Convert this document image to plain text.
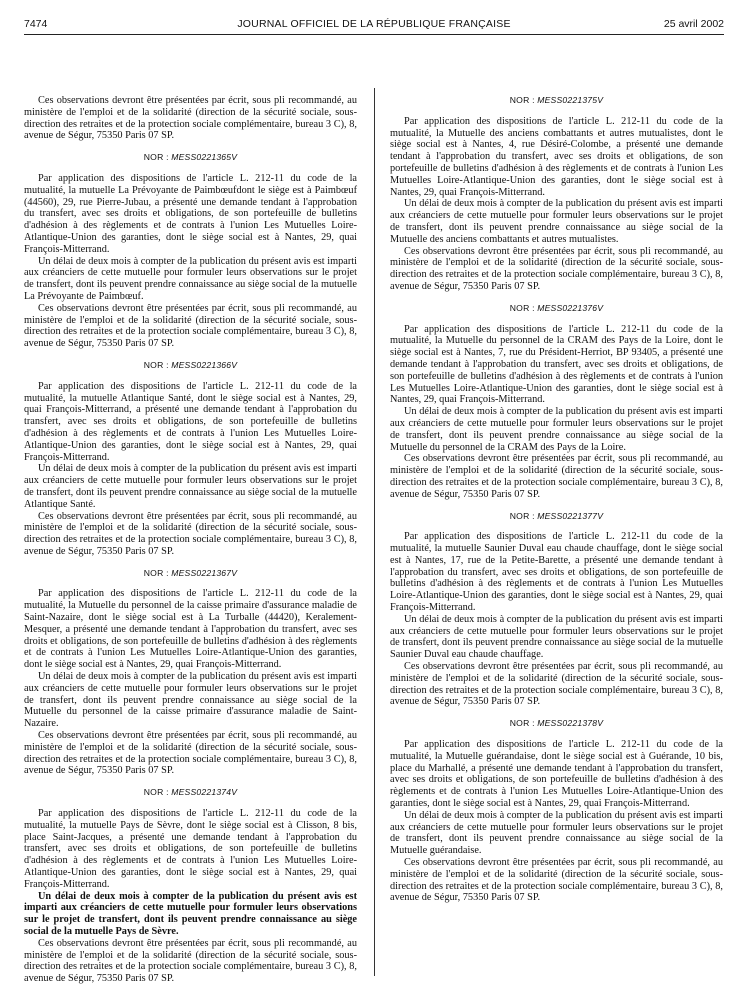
7474	JOURNAL OFFICIEL DE LA RÉPUBLIQUE FRANÇAISE	25 avril 2002

Ces observations devront être présentées par écrit, sous pli recommandé, au ministère de l'emploi et de la solidarité (direction de la sécurité sociale, sous-direction des retraites et de la protection sociale complémentaire, bureau 3 C), 8, avenue de Ségur, 75350 Paris 07 SP.

NOR : MESS0221365V

Par application des dispositions de l'article L. 212-11 du code de la mutualité, la mutuelle La Prévoyante de Paimbœufdont le siège est à Paimbœuf (44560), 29, rue Pierre-Jubau, a présenté une demande tendant à l'approbation du transfert, avec ses droits et obligations, de son portefeuille de bulletins d'adhésion à des règlements et de contrats à l'union Les Mutuelles Loire-Atlantique-Union des garanties, dont le siège social est à Nantes, 29, quai François-Mitterrand.

Un délai de deux mois à compter de la publication du présent avis est imparti aux créanciers de cette mutuelle pour formuler leurs observations sur le projet de transfert, dont ils peuvent prendre connaissance au siège social de la mutuelle La Prévoyante de Paimbœuf.

Ces observations devront être présentées par écrit, sous pli recommandé, au ministère de l'emploi et de la solidarité (direction de la sécurité sociale, sous-direction des retraites et de la protection sociale complémentaire, bureau 3 C), 8, avenue de Ségur, 75350 Paris 07 SP.

NOR : MESS0221366V

Par application des dispositions de l'article L. 212-11 du code de la mutualité, la mutuelle Atlantique Santé, dont le siège social est à Nantes, 29, quai François-Mitterrand, a présenté une demande tendant à l'approbation du transfert, avec ses droits et obligations, de son portefeuille de bulletins d'adhésion à des règlements et de contrats à l'union Les Mutuelles Loire-Atlantique-Union des garanties, dont le siège social est à Nantes, 29, quai François-Mitterrand.

Un délai de deux mois à compter de la publication du présent avis est imparti aux créanciers de cette mutuelle pour formuler leurs observations sur le projet de transfert, dont ils peuvent prendre connaissance au siège social de la mutuelle Atlantique Santé.

Ces observations devront être présentées par écrit, sous pli recommandé, au ministère de l'emploi et de la solidarité (direction de la sécurité sociale, sous-direction des retraites et de la protection sociale complémentaire, bureau 3 C), 8, avenue de Ségur, 75350 Paris 07 SP.

NOR : MESS0221367V

Par application des dispositions de l'article L. 212-11 du code de la mutualité, la Mutuelle du personnel de la caisse primaire d'assurance maladie de Saint-Nazaire, dont le siège social est à La Turballe (44420), Keralement-Mesquer, a présenté une demande tendant à l'approbation du transfert, avec ses droits et obligations, de son portefeuille de bulletins d'adhésion à des règlements et de contrats à l'union Les Mutuelles Loire-Atlantique-Union des garanties, dont le siège social est à Nantes, 29, quai François-Mitterrand.

Un délai de deux mois à compter de la publication du présent avis est imparti aux créanciers de cette mutuelle pour formuler leurs observations sur le projet de transfert, dont ils peuvent prendre connaissance au siège social de la Mutuelle du personnel de la caisse primaire d'assurance maladie de Saint-Nazaire.

Ces observations devront être présentées par écrit, sous pli recommandé, au ministère de l'emploi et de la solidarité (direction de la sécurité sociale, sous-direction des retraites et de la protection sociale complémentaire, bureau 3 C), 8, avenue de Ségur, 75350 Paris 07 SP.

NOR : MESS0221374V

Par application des dispositions de l'article L. 212-11 du code de la mutualité, la mutuelle Pays de Sèvre, dont le siège social est à Clisson, 8 bis, place Saint-Jacques, a présenté une demande tendant à l'approbation du transfert, avec ses droits et obligations, de son portefeuille de bulletins d'adhésion à des règlements et de contrats à l'union Les Mutuelles Loire-Atlantique-Union des garanties, dont le siège social est à Nantes, 29, quai François-Mitterrand.

Un délai de deux mois à compter de la publication du présent avis est imparti aux créanciers de cette mutuelle pour formuler leurs observations sur le projet de transfert, dont ils peuvent prendre connaissance au siège social de la mutuelle Pays de Sèvre.

Ces observations devront être présentées par écrit, sous pli recommandé, au ministère de l'emploi et de la solidarité (direction de la sécurité sociale, sous-direction des retraites et de la protection sociale complémentaire, bureau 3 C), 8, avenue de Ségur, 75350 Paris 07 SP.

NOR : MESS0221375V

Par application des dispositions de l'article L. 212-11 du code de la mutualité, la Mutuelle des anciens combattants et autres mutualistes, dont le siège social est à Nantes, 4, rue Désiré-Colombe, a présenté une demande tendant à l'approbation du transfert, avec ses droits et obligations, de son portefeuille de bulletins d'adhésion à des règlements et de contrats à l'union Les Mutuelles Loire-Atlantique-Union des garanties, dont le siège social est à Nantes, 29, quai François-Mitterrand.

Un délai de deux mois à compter de la publication du présent avis est imparti aux créanciers de cette mutuelle pour formuler leurs observations sur le projet de transfert, dont ils peuvent prendre connaissance au siège social de la Mutuelle des anciens combattants et autres mutualistes.

Ces observations devront être présentées par écrit, sous pli recommandé, au ministère de l'emploi et de la solidarité (direction de la sécurité sociale, sous-direction des retraites et de la protection sociale complémentaire, bureau 3 C), 8, avenue de Ségur, 75350 Paris 07 SP.

NOR : MESS0221376V

Par application des dispositions de l'article L. 212-11 du code de la mutualité, la Mutuelle du personnel de la CRAM des Pays de la Loire, dont le siège social est à Nantes, 7, rue du Président-Herriot, BP 93405, a présenté une demande tendant à l'approbation du transfert, avec ses droits et obligations, de son portefeuille de bulletins d'adhésion à des règlements et de contrats à l'union Les Mutuelles Loire-Atlantique-Union des garanties, dont le siège social est à Nantes, 29, quai François-Mitterrand.

Un délai de deux mois à compter de la publication du présent avis est imparti aux créanciers de cette mutuelle pour formuler leurs observations sur le projet de transfert, dont ils peuvent prendre connaissance au siège social de la Mutuelle du personnel de la CRAM des Pays de la Loire.

Ces observations devront être présentées par écrit, sous pli recommandé, au ministère de l'emploi et de la solidarité (direction de la sécurité sociale, sous-direction des retraites et de la protection sociale complémentaire, bureau 3 C), 8, avenue de Ségur, 75350 Paris 07 SP.

NOR : MESS0221377V

Par application des dispositions de l'article L. 212-11 du code de la mutualité, la mutuelle Saunier Duval eau chaude chauffage, dont le siège social est à Nantes, 17, rue de la Petite-Barette, a présenté une demande tendant à l'approbation du transfert, avec ses droits et obligations, de son portefeuille de bulletins d'adhésion à des règlements et de contrats à l'union Les Mutuelles Loire-Atlantique-Union des garanties, dont le siège social est à Nantes, 29, quai François-Mitterrand.

Un délai de deux mois à compter de la publication du présent avis est imparti aux créanciers de cette mutuelle pour formuler leurs observations sur le projet de transfert, dont ils peuvent prendre connaissance au siège social de la mutuelle Saunier Duval eau chaude chauffage.

Ces observations devront être présentées par écrit, sous pli recommandé, au ministère de l'emploi et de la solidarité (direction de la sécurité sociale, sous-direction des retraites et de la protection sociale complémentaire, bureau 3 C), 8, avenue de Ségur, 75350 Paris 07 SP.

NOR : MESS0221378V

Par application des dispositions de l'article L. 212-11 du code de la mutualité, la Mutuelle guérandaise, dont le siège social est à Guérande, 10 bis, place du Marhallé, a présenté une demande tendant à l'approbation du transfert, avec ses droits et obligations, de son portefeuille de bulletins d'adhésion à des règlements et de contrats à l'union Les Mutuelles Loire-Atlantique-Union des garanties, dont le siège social est à Nantes, 29, quai François-Mitterrand.

Un délai de deux mois à compter de la publication du présent avis est imparti aux créanciers de cette mutuelle pour formuler leurs observations sur le projet de transfert, dont ils peuvent prendre connaissance au siège social de la Mutuelle guérandaise.

Ces observations devront être présentées par écrit, sous pli recommandé, au ministère de l'emploi et de la solidarité (direction de la sécurité sociale, sous-direction des retraites et de la protection sociale complémentaire, bureau 3 C), 8, avenue de Ségur, 75350 Paris 07 SP.
